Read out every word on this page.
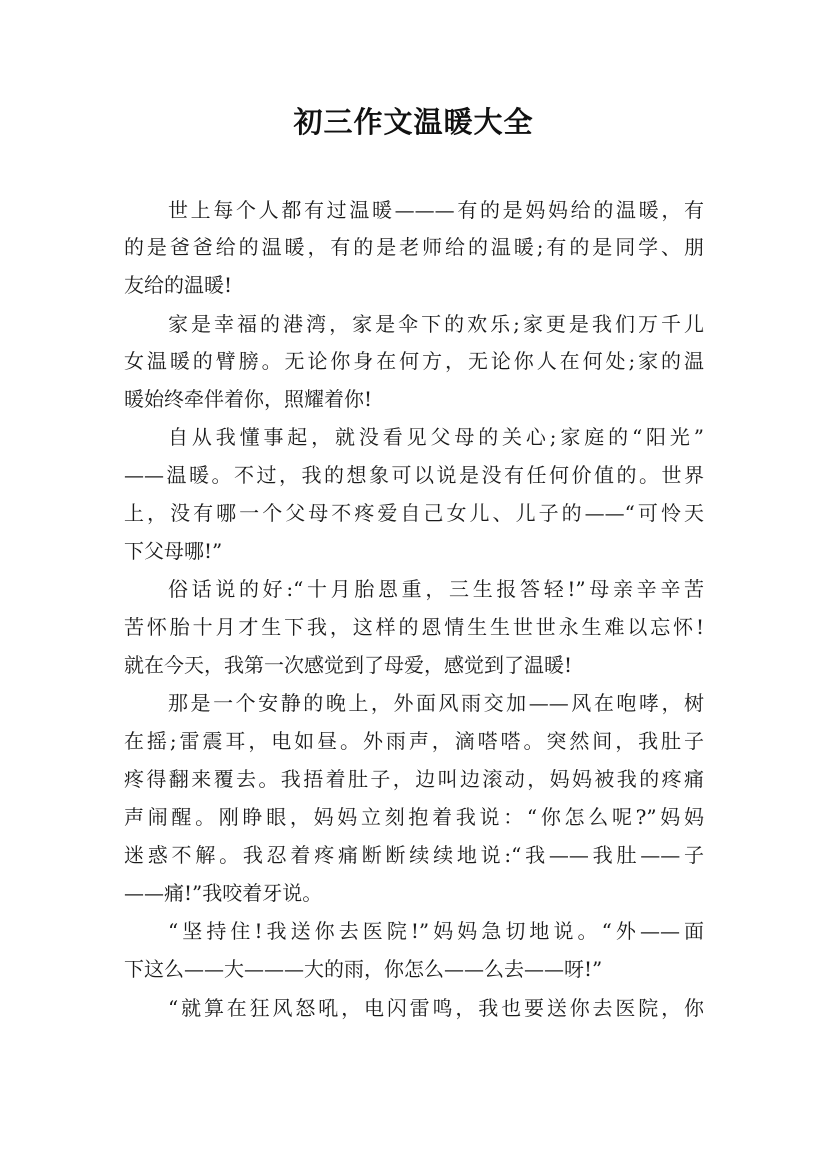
初三作文温暖大全
世上每个人都有过温暖———有的是妈妈给的温暖，有
的是爸爸给的温暖，有的是老师给的温暖;有的是同学、朋
友给的温暖!
家是幸福的港湾，家是伞下的欢乐;家更是我们万千儿
女温暖的臂膀。无论你身在何方，无论你人在何处;家的温
暖始终牵伴着你，照耀着你!
自从我懂事起，就没看见父母的关心;家庭的“阳光”
——温暖。不过，我的想象可以说是没有任何价值的。世界
上，没有哪一个父母不疼爱自己女儿、儿子的——“可怜天
下父母哪!”
俗话说的好:“十月胎恩重，三生报答轻!”母亲辛辛苦
苦怀胎十月才生下我，这样的恩情生生世世永生难以忘怀!
就在今天，我第一次感觉到了母爱，感觉到了温暖!
那是一个安静的晚上，外面风雨交加——风在咆哮，树
在摇;雷震耳，电如昼。外雨声，滴嗒嗒。突然间，我肚子
疼得翻来覆去。我捂着肚子，边叫边滚动，妈妈被我的疼痛
声闹醒。刚睁眼，妈妈立刻抱着我说：“你怎么呢?”妈妈
迷惑不解。我忍着疼痛断断续续地说:“我——我肚——子
——痛!”我咬着牙说。
“坚持住!我送你去医院!”妈妈急切地说。“外——面
下这么——大———大的雨，你怎么——么去——呀!”
“就算在狂风怒吼，电闪雷鸣，我也要送你去医院，你
